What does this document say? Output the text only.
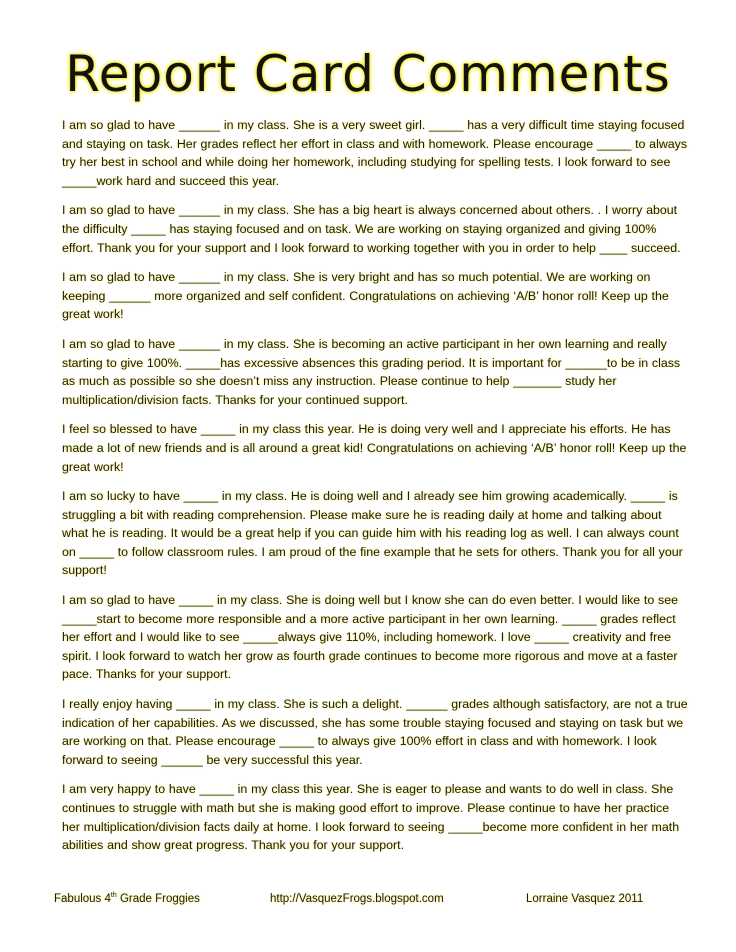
Report Card Comments

I am so glad to have ______ in my class. She is a very sweet girl. _____ has a very difficult time staying focused and staying on task. Her grades reflect her effort in class and with homework. Please encourage _____ to always try her best in school and while doing her homework, including studying for spelling tests. I look forward to see _____work hard and succeed this year.

I am so glad to have ______ in my class. She has a big heart is always concerned about others. . I worry about the difficulty _____ has staying focused and on task. We are working on staying organized and giving 100% effort. Thank you for your support and I look forward to working together with you in order to help ____ succeed.

I am so glad to have ______ in my class. She is very bright and has so much potential. We are working on keeping ______ more organized and self confident. Congratulations on achieving ‘A/B’ honor roll! Keep up the great work!

I am so glad to have ______ in my class. She is becoming an active participant in her own learning and really starting to give 100%. _____has excessive absences this grading period. It is important for ______to be in class as much as possible so she doesn’t miss any instruction. Please continue to help _______ study her multiplication/division facts. Thanks for your continued support.

I feel so blessed to have _____ in my class this year. He is doing very well and I appreciate his efforts. He has made a lot of new friends and is all around a great kid! Congratulations on achieving ‘A/B’ honor roll! Keep up the great work!

I am so lucky to have _____ in my class. He is doing well and I already see him growing academically. _____ is struggling a bit with reading comprehension. Please make sure he is reading daily at home and talking about what he is reading. It would be a great help if you can guide him with his reading log as well. I can always count on _____ to follow classroom rules. I am proud of the fine example that he sets for others. Thank you for all your support!

I am so glad to have _____ in my class. She is doing well but I know she can do even better. I would like to see _____start to become more responsible and a more active participant in her own learning. _____ grades reflect her effort and I would like to see _____always give 110%, including homework. I love _____ creativity and free spirit. I look forward to watch her grow as fourth grade continues to become more rigorous and move at a faster pace. Thanks for your support.

I really enjoy having _____ in my class. She is such a delight. ______ grades although satisfactory, are not a true indication of her capabilities. As we discussed, she has some trouble staying focused and staying on task but we are working on that. Please encourage _____ to always give 100% effort in class and with homework. I look forward to seeing ______ be very successful this year.

I am very happy to have _____ in my class this year. She is eager to please and wants to do well in class. She continues to struggle with math but she is making good effort to improve. Please continue to have her practice her multiplication/division facts daily at home. I look forward to seeing _____become more confident in her math abilities and show great progress. Thank you for your support.

Fabulous 4th Grade Froggies	http://VasquezFrogs.blogspot.com	Lorraine Vasquez 2011
